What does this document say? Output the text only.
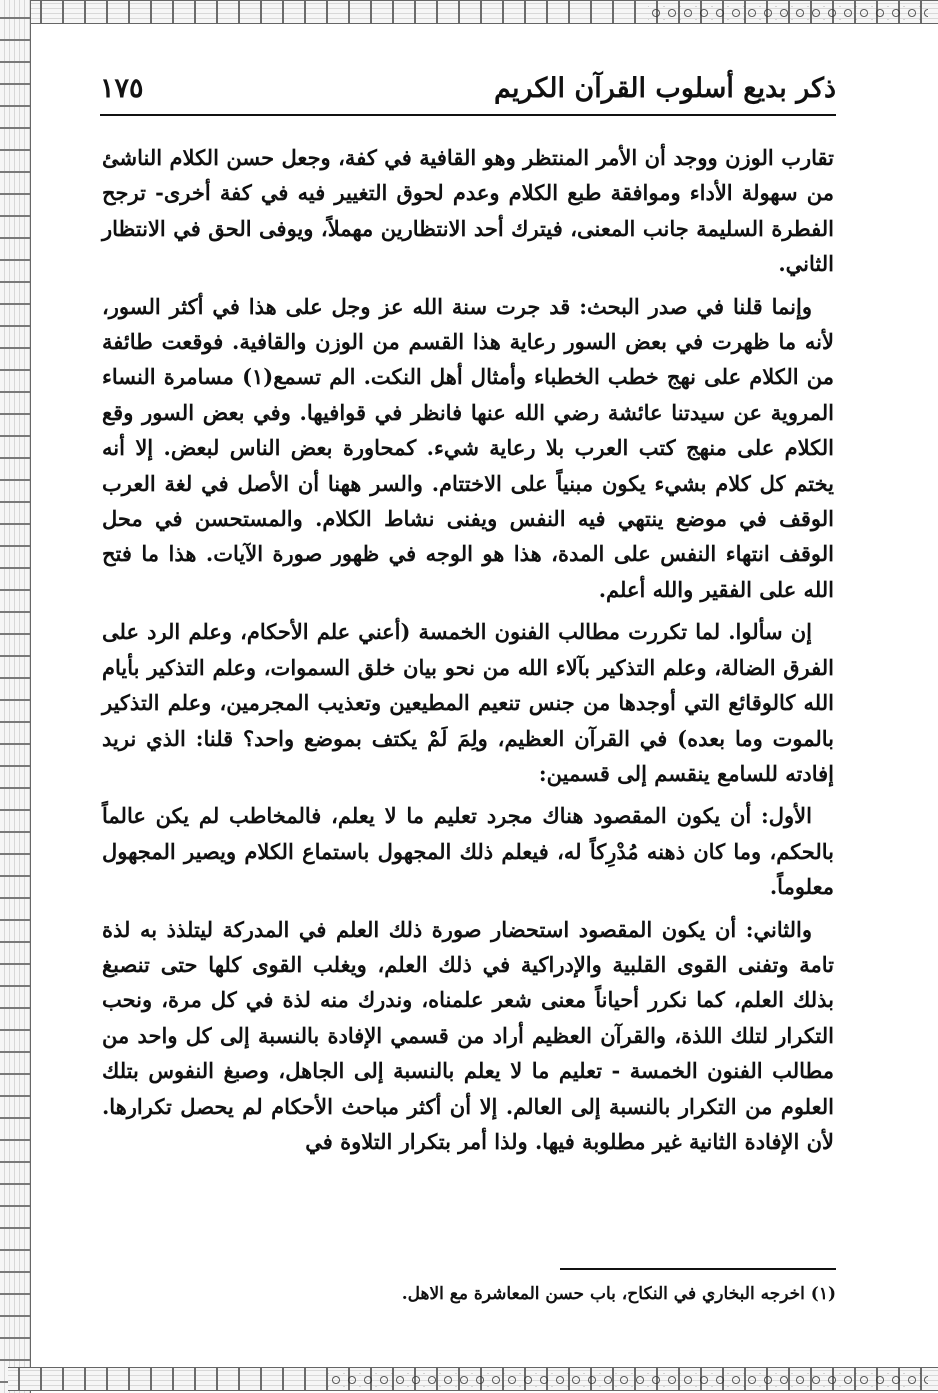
ذكر بديع أسلوب القرآن الكريم
١٧٥

تقارب الوزن ووجد أن الأمر المنتظر وهو القافية في كفة، وجعل حسن الكلام الناشئ من سهولة الأداء وموافقة طبع الكلام وعدم لحوق التغيير فيه في كفة أخرى- ترجح الفطرة السليمة جانب المعنى، فيترك أحد الانتظارين مهملاً، ويوفى الحق في الانتظار الثاني.

وإنما قلنا في صدر البحث: قد جرت سنة الله عز وجل على هذا في أكثر السور، لأنه ما ظهرت في بعض السور رعاية هذا القسم من الوزن والقافية. فوقعت طائفة من الكلام على نهج خطب الخطباء وأمثال أهل النكت. الم تسمع(١) مسامرة النساء المروية عن سيدتنا عائشة رضي الله عنها فانظر في قوافيها. وفي بعض السور وقع الكلام على منهج كتب العرب بلا رعاية شيء. كمحاورة بعض الناس لبعض. إلا أنه يختم كل كلام بشيء يكون مبنياً على الاختتام. والسر ههنا أن الأصل في لغة العرب الوقف في موضع ينتهي فيه النفس ويفنى نشاط الكلام. والمستحسن في محل الوقف انتهاء النفس على المدة، هذا هو الوجه في ظهور صورة الآيات. هذا ما فتح الله على الفقير والله أعلم.

إن سألوا. لما تكررت مطالب الفنون الخمسة (أعني علم الأحكام، وعلم الرد على الفرق الضالة، وعلم التذكير بآلاء الله من نحو بيان خلق السموات، وعلم التذكير بأيام الله كالوقائع التي أوجدها من جنس تنعيم المطيعين وتعذيب المجرمين، وعلم التذكير بالموت وما بعده) في القرآن العظيم، ولِمَ لَمْ يكتف بموضع واحد؟ قلنا: الذي نريد إفادته للسامع ينقسم إلى قسمين:

الأول: أن يكون المقصود هناك مجرد تعليم ما لا يعلم، فالمخاطب لم يكن عالماً بالحكم، وما كان ذهنه مُدْرِكاً له، فيعلم ذلك المجهول باستماع الكلام ويصير المجهول معلوماً.

والثاني: أن يكون المقصود استحضار صورة ذلك العلم في المدركة ليتلذذ به لذة تامة وتفنى القوى القلبية والإدراكية في ذلك العلم، ويغلب القوى كلها حتى تنصبغ بذلك العلم، كما نكرر أحياناً معنى شعر علمناه، وندرك منه لذة في كل مرة، ونحب التكرار لتلك اللذة، والقرآن العظيم أراد من قسمي الإفادة بالنسبة إلى كل واحد من مطالب الفنون الخمسة - تعليم ما لا يعلم بالنسبة إلى الجاهل، وصبغ النفوس بتلك العلوم من التكرار بالنسبة إلى العالم. إلا أن أكثر مباحث الأحكام لم يحصل تكرارها. لأن الإفادة الثانية غير مطلوبة فيها. ولذا أمر بتكرار التلاوة في

(١) اخرجه البخاري في النكاح، باب حسن المعاشرة مع الاهل.
